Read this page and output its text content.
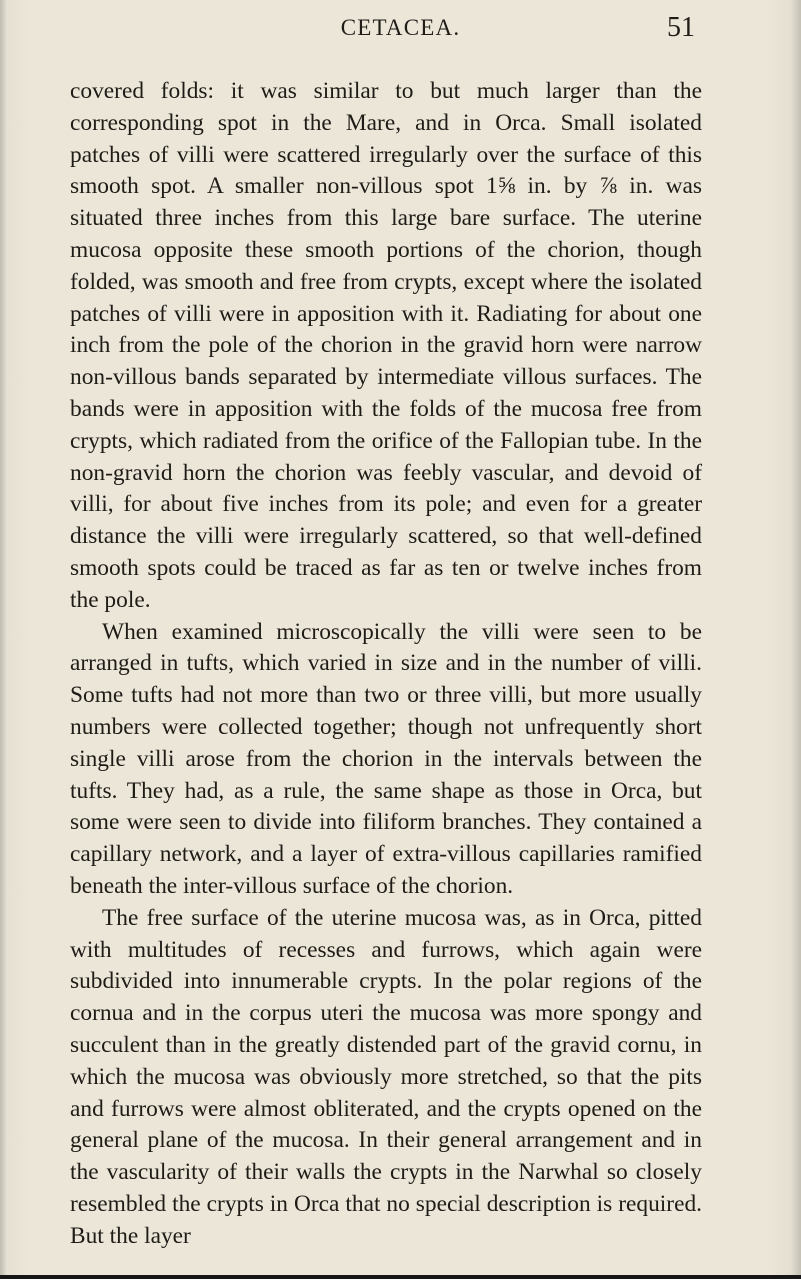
CETACEA.	51

covered folds: it was similar to but much larger than the corresponding spot in the Mare, and in Orca. Small isolated patches of villi were scattered irregularly over the surface of this smooth spot. A smaller non-villous spot 1⅝ in. by ⅞ in. was situated three inches from this large bare surface. The uterine mucosa opposite these smooth portions of the chorion, though folded, was smooth and free from crypts, except where the isolated patches of villi were in apposition with it. Radiating for about one inch from the pole of the chorion in the gravid horn were narrow non-villous bands separated by intermediate villous surfaces. The bands were in apposition with the folds of the mucosa free from crypts, which radiated from the orifice of the Fallopian tube. In the non-gravid horn the chorion was feebly vascular, and devoid of villi, for about five inches from its pole; and even for a greater distance the villi were irregularly scattered, so that well-defined smooth spots could be traced as far as ten or twelve inches from the pole.

When examined microscopically the villi were seen to be arranged in tufts, which varied in size and in the number of villi. Some tufts had not more than two or three villi, but more usually numbers were collected together; though not unfrequently short single villi arose from the chorion in the intervals between the tufts. They had, as a rule, the same shape as those in Orca, but some were seen to divide into filiform branches. They contained a capillary network, and a layer of extra-villous capillaries ramified beneath the inter-villous surface of the chorion.

The free surface of the uterine mucosa was, as in Orca, pitted with multitudes of recesses and furrows, which again were subdivided into innumerable crypts. In the polar regions of the cornua and in the corpus uteri the mucosa was more spongy and succulent than in the greatly distended part of the gravid cornu, in which the mucosa was obviously more stretched, so that the pits and furrows were almost obliterated, and the crypts opened on the general plane of the mucosa. In their general arrangement and in the vascularity of their walls the crypts in the Narwhal so closely resembled the crypts in Orca that no special description is required. But the layer
